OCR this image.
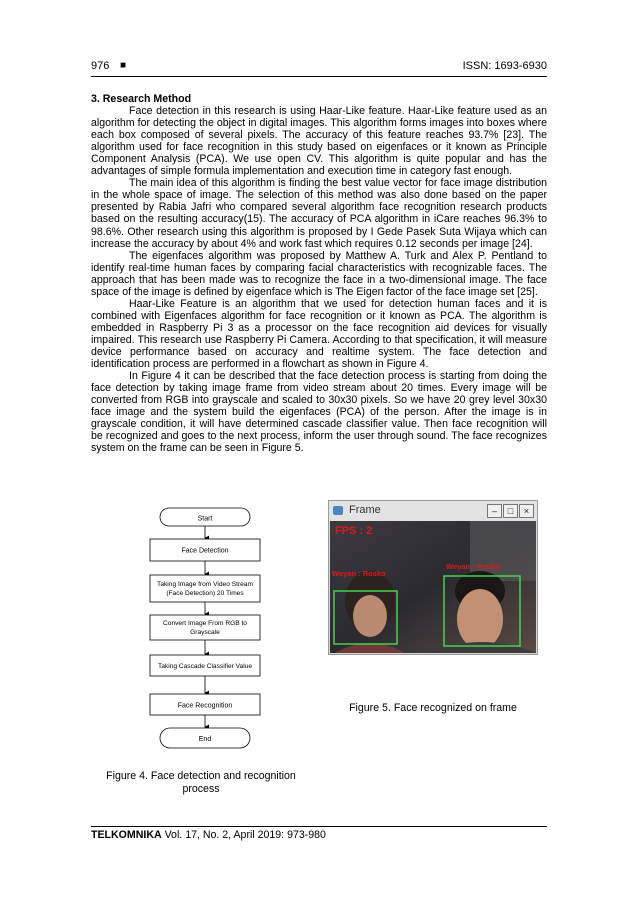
976 ■	ISSN: 1693-6930
3. Research Method

Face detection in this research is using Haar-Like feature. Haar-Like feature used as an algorithm for detecting the object in digital images. This algorithm forms images into boxes where each box composed of several pixels. The accuracy of this feature reaches 93.7% [23]. The algorithm used for face recognition in this study based on eigenfaces or it known as Principle Component Analysis (PCA). We use open CV. This algorithm is quite popular and has the advantages of simple formula implementation and execution time in category fast enough.

The main idea of this algorithm is finding the best value vector for face image distribution in the whole space of image. The selection of this method was also done based on the paper presented by Rabia Jafri who compared several algorithm face recognition research products based on the resulting accuracy(15). The accuracy of PCA algorithm in iCare reaches 96.3% to 98.6%. Other research using this algorithm is proposed by I Gede Pasek Suta Wijaya which can increase the accuracy by about 4% and work fast which requires 0.12 seconds per image [24].

The eigenfaces algorithm was proposed by Matthew A. Turk and Alex P. Pentland to identify real-time human faces by comparing facial characteristics with recognizable faces. The approach that has been made was to recognize the face in a two-dimensional image. The face space of the image is defined by eigenface which is The Eigen factor of the face image set [25].

Haar-Like Feature is an algorithm that we used for detection human faces and it is combined with Eigenfaces algorithm for face recognition or it known as PCA. The algorithm is embedded in Raspberry Pi 3 as a processor on the face recognition aid devices for visually impaired. This research use Raspberry Pi Camera. According to that specification, it will measure device performance based on accuracy and realtime system. The face detection and identification process are performed in a flowchart as shown in Figure 4.

In Figure 4 it can be described that the face detection process is starting from doing the face detection by taking image frame from video stream about 20 times. Every image will be converted from RGB into grayscale and scaled to 30x30 pixels. So we have 20 grey level 30x30 face image and the system build the eigenfaces (PCA) of the person. After the image is in grayscale condition, it will have determined cascade classifier value. Then face recognition will be recognized and goes to the next process, inform the user through sound. The face recognizes system on the frame can be seen in Figure 5.

Start
Face Detection
Taking Image from Video Stream
(Face Detection) 20 Times
Convert Image From RGB to
Grayscale
Taking Cascade Classifier Value
Face Recognition
End
Figure 4. Face detection and recognition process
Frame	–	□	×
FPS : 2
Weyan : Rosko
Weyan : Pradin
Figure 5. Face recognized on frame
TELKOMNIKA Vol. 17, No. 2, April 2019: 973-980
